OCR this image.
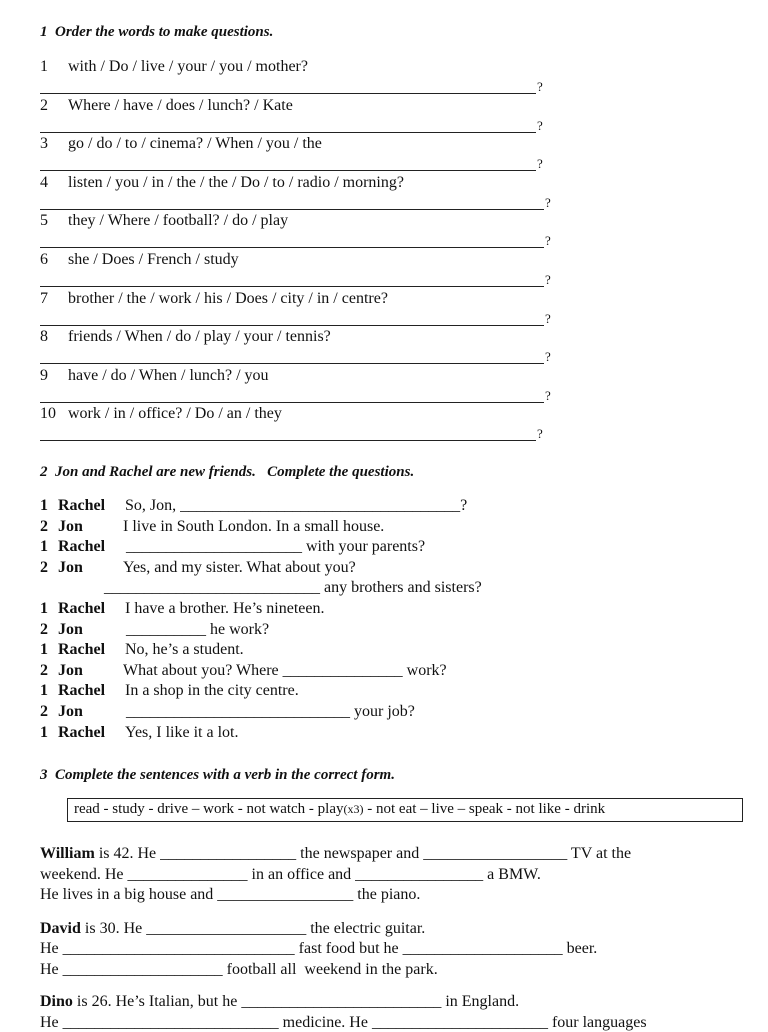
1  Order the words to make questions.
1 with / Do / live / your / you / mother?
?
2 Where / have / does / lunch? / Kate
?
3 go / do / to / cinema? / When / you / the
?
4 listen / you / in / the / the / Do / to / radio / morning?
?
5 they / Where / football? / do / play
?
6 she / Does / French / study
?
7 brother / the / work / his / Does / city / in / centre?
?
8 friends / When / do / play / your / tennis?
?
9 have / do / When / lunch? / you
?
10 work / in / office? / Do / an / they
?
2  Jon and Rachel are new friends.   Complete the questions.
1 Rachel So, Jon, ___________________________________?
2 Jon	I live in South London. In a small house.
1 Rachel ______________________ with your parents?
2 Jon	Yes, and my sister. What about you?
___________________________ any brothers and sisters?
1 Rachel I have a brother. He’s nineteen.
2 Jon	__________ he work?
1 Rachel No, he’s a student.
2 Jon	What about you? Where _______________ work?
1 Rachel In a shop in the city centre.
2 Jon	____________________________ your job?
1 Rachel Yes, I like it a lot.
3  Complete the sentences with a verb in the correct form.
read - study - drive – work - not watch - play(x3) - not eat – live – speak - not like - drink
William is 42. He _________________ the newspaper and __________________ TV at the
weekend. He _______________ in an office and ________________ a BMW.
He lives in a big house and _________________ the piano.
David is 30. He ____________________ the electric guitar.
He _____________________________ fast food but he ____________________ beer.
He ____________________ football all  weekend in the park.
Dino is 26. He’s Italian, but he _________________________ in England.
He ___________________________ medicine. He ______________________ four languages
